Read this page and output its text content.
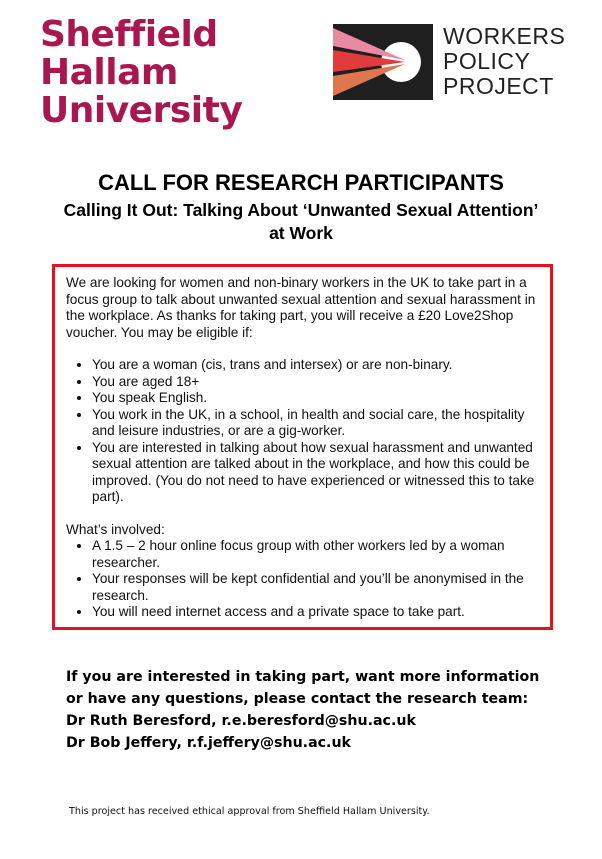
Sheffield
Hallam
University
WORKERS
POLICY
PROJECT
CALL FOR RESEARCH PARTICIPANTS
Calling It Out: Talking About ‘Unwanted Sexual Attention’ at Work

We are looking for women and non-binary workers in the UK to take part in a focus group to talk about unwanted sexual attention and sexual harassment in the workplace. As thanks for taking part, you will receive a £20 Love2Shop voucher. You may be eligible if:

• You are a woman (cis, trans and intersex) or are non-binary.
• You are aged 18+
• You speak English.
• You work in the UK, in a school, in health and social care, the hospitality and leisure industries, or are a gig-worker.
• You are interested in talking about how sexual harassment and unwanted sexual attention are talked about in the workplace, and how this could be improved. (You do not need to have experienced or witnessed this to take part).

What’s involved:

• A 1.5 – 2 hour online focus group with other workers led by a woman researcher.
• Your responses will be kept confidential and you’ll be anonymised in the research.
• You will need internet access and a private space to take part.
If you are interested in taking part, want more information
or have any questions, please contact the research team:
Dr Ruth Beresford, r.e.beresford@shu.ac.uk
Dr Bob Jeffery, r.f.jeffery@shu.ac.uk
This project has received ethical approval from Sheffield Hallam University.
